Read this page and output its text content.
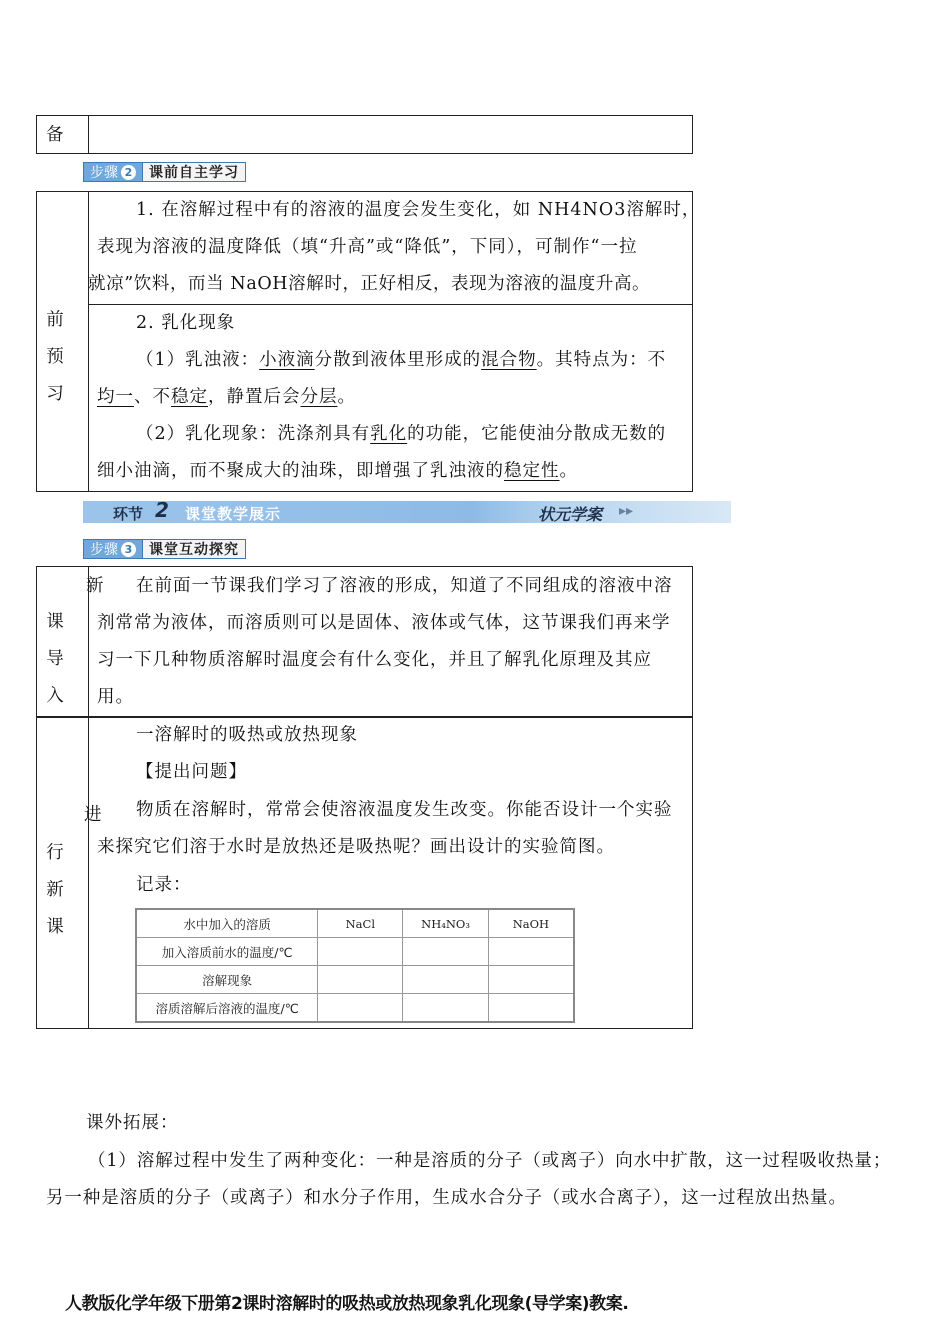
备
步骤 2	课前自主学习
前
预
习
1. 在溶解过程中有的溶液的温度会发生变化，如 NH4NO3溶解时，
表现为溶液的温度降低（填“升高”或“降低”，下同），可制作“一拉
就凉”饮料，而当 NaOH溶解时，正好相反，表现为溶液的温度升高。
2. 乳化现象
（1）乳浊液：小液滴分散到液体里形成的混合物。其特点为：不
均一、不稳定，静置后会分层。
（2）乳化现象：洗涤剂具有乳化的功能，它能使油分散成无数的
细小油滴，而不聚成大的油珠，即增强了乳浊液的稳定性。
环节 2 课堂教学展示	状元学案 ▸▸
步骤 3	课堂互动探究
新
课
导
入
在前面一节课我们学习了溶液的形成，知道了不同组成的溶液中溶
剂常常为液体，而溶质则可以是固体、液体或气体，这节课我们再来学
习一下几种物质溶解时温度会有什么变化，并且了解乳化原理及其应
用。
进
行
新
课
一溶解时的吸热或放热现象
【提出问题】
物质在溶解时，常常会使溶液温度发生改变。你能否设计一个实验
来探究它们溶于水时是放热还是吸热呢？画出设计的实验简图。
记录：
水中加入的溶质	NaCl	NH₄NO₃	NaOH
加入溶质前水的温度/℃			
溶解现象			
溶质溶解后溶液的温度/℃			
课外拓展：
（1）溶解过程中发生了两种变化：一种是溶质的分子（或离子）向水中扩散，这一过程吸收热量；
另一种是溶质的分子（或离子）和水分子作用，生成水合分子（或水合离子），这一过程放出热量。
人教版化学年级下册第2课时溶解时的吸热或放热现象乳化现象(导学案)教案.
